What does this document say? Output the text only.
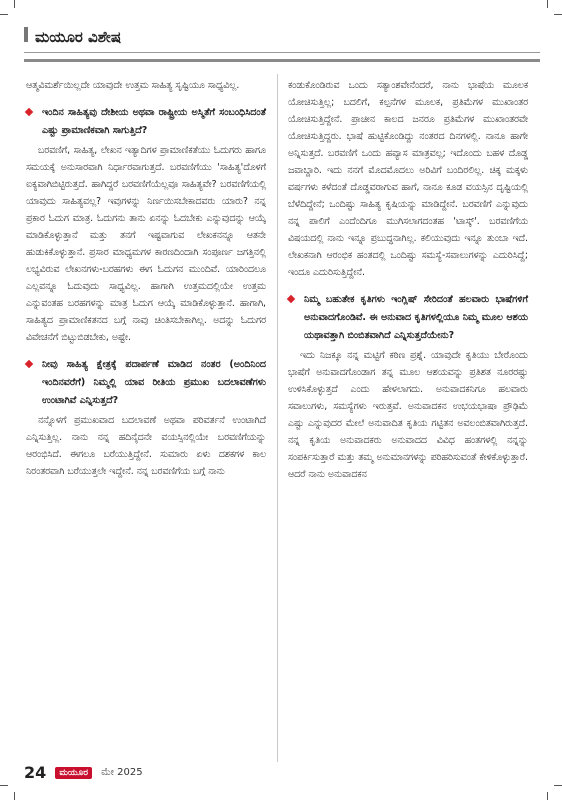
ಮಯೂರ ವಿಶೇಷ

ಆತ್ಮವಿಮರ್ಶೆಯಿಲ್ಲದೇ ಯಾವುದೇ ಉತ್ತಮ ಸಾಹಿತ್ಯ ಸೃಷ್ಟಿಯೂ ಸಾಧ್ಯವಿಲ್ಲ.

ಇಂದಿನ ಸಾಹಿತ್ಯವು ದೇಶೀಯ ಅಥವಾ ರಾಷ್ಟ್ರೀಯ ಅಸ್ಮಿತೆಗೆ ಸಂಬಂಧಿಸಿದಂತೆ ಎಷ್ಟು ಪ್ರಾಮಾಣಿಕವಾಗಿ ಸಾಗುತ್ತಿದೆ?

ಬರವಣಿಗೆ, ಸಾಹಿತ್ಯ, ಲೇಖನ ಇತ್ಯಾದಿಗಳ ಪ್ರಾಮಾಣಿಕತೆಯು ಓದುಗರು ಹಾಗೂ ಸಮಯಕ್ಕೆ ಅನುಸಾರವಾಗಿ ನಿರ್ಧಾರವಾಗುತ್ತದೆ. ಬರವಣಿಗೆಯು 'ಸಾಹಿತ್ಯ'ದೊಳಗೆ ಐಕ್ಯವಾಗಿಬಿಟ್ಟಿರುತ್ತದೆ. ಹಾಗಿದ್ದರೆ ಬರವಣಿಗೆಯೆಲ್ಲವೂ ಸಾಹಿತ್ಯವೇ? ಬರವಣಿಗೆಯಲ್ಲಿ ಯಾವುದು ಸಾಹಿತ್ಯವಲ್ಲ? ಇವುಗಳನ್ನು ನಿರ್ಣಯಿಸಬೇಕಾದವರು ಯಾರು? ನನ್ನ ಪ್ರಕಾರ ಓದುಗ ಮಾತ್ರ. ಓದುಗನು ತಾನು ಏನನ್ನು ಓದಬೇಕು ಎನ್ನುವುದನ್ನು ಆಯ್ಕೆ ಮಾಡಿಕೊಳ್ಳುತ್ತಾನೆ ಮತ್ತು ತನಗೆ ಇಷ್ಟವಾಗುವ ಲೇಖಕನನ್ನೂ ಆತನೇ ಹುಡುಕಿಕೊಳ್ಳುತ್ತಾನೆ. ಪ್ರಸಾರ ಮಾಧ್ಯಮಗಳ ಕಾರಣದಿಂದಾಗಿ ಸಂಪೂರ್ಣ ಜಗತ್ತಿನಲ್ಲಿ ಲಭ್ಯವಿರುವ ಲೇಖನಗಳು-ಬರಹಗಳು ಈಗ ಓದುಗನ ಮುಂದಿವೆ. ಯಾರಿಂದಲೂ ಎಲ್ಲವನ್ನೂ ಓದುವುದು ಸಾಧ್ಯವಿಲ್ಲ. ಹಾಗಾಗಿ ಉತ್ತಮದಲ್ಲಿಯೇ ಉತ್ತಮ ಎನ್ನುವಂತಹ ಬರಹಗಳನ್ನು ಮಾತ್ರ ಓದುಗ ಆಯ್ಕೆ ಮಾಡಿಕೊಳ್ಳುತ್ತಾನೆ. ಹಾಗಾಗಿ, ಸಾಹಿತ್ಯದ ಪ್ರಾಮಾಣಿಕತನದ ಬಗ್ಗೆ ನಾವು ಚಿಂತಿಸಬೇಕಾಗಿಲ್ಲ. ಅದನ್ನು ಓದುಗರ ವಿವೇಚನೆಗೆ ಬಿಟ್ಟುಬಿಡಬೇಕು, ಅಷ್ಟೇ.

ನೀವು ಸಾಹಿತ್ಯ ಕ್ಷೇತ್ರಕ್ಕೆ ಪದಾರ್ಪಣೆ ಮಾಡಿದ ನಂತರ (ಅಂದಿನಿಂದ ಇಂದಿನವರೆಗೆ) ನಿಮ್ಮಲ್ಲಿ ಯಾವ ರೀತಿಯ ಪ್ರಮುಖ ಬದಲಾವಣೆಗಳು ಉಂಟಾಗಿವೆ ಎನ್ನಿಸುತ್ತದೆ?

ನನ್ನೊಳಗೆ ಪ್ರಮುಖವಾದ ಬದಲಾವಣೆ ಅಥವಾ ಪರಿವರ್ತನೆ ಉಂಟಾಗಿದೆ ಎನ್ನಿಸುತ್ತಿಲ್ಲ. ನಾನು ನನ್ನ ಹದಿನೈದನೇ ವಯಸ್ಸಿನಲ್ಲಿಯೇ ಬರವಣಿಗೆಯನ್ನು ಆರಂಭಿಸಿದೆ. ಈಗಲೂ ಬರೆಯುತ್ತಿದ್ದೇನೆ. ಸುಮಾರು ಏಳು ದಶಕಗಳ ಕಾಲ ನಿರಂತರವಾಗಿ ಬರೆಯುತ್ತಲೇ ಇದ್ದೇನೆ. ನನ್ನ ಬರವಣಿಗೆಯ ಬಗ್ಗೆ ನಾನು

ಕಂಡುಕೊಂಡಿರುವ ಒಂದು ಸತ್ಯಾಂಶವೇನೆಂದರೆ, ನಾನು ಭಾಷೆಯ ಮೂಲಕ ಯೋಚಿಸುತ್ತಿಲ್ಲ; ಬದಲಿಗೆ, ಕಲ್ಪನೆಗಳ ಮೂಲಕ, ಪ್ರತಿಮೆಗಳ ಮುಖಾಂತರ ಯೋಚಿಸುತ್ತಿದ್ದೇನೆ. ಪ್ರಾಚೀನ ಕಾಲದ ಜನರೂ ಪ್ರತಿಮೆಗಳ ಮುಖಾಂತರವೇ ಯೋಚಿಸುತ್ತಿದ್ದರು. ಭಾಷೆ ಹುಟ್ಟಿಕೊಂಡಿದ್ದು ನಂತರದ ದಿನಗಳಲ್ಲಿ. ನಾನೂ ಹಾಗೇ ಅನ್ನಿಸುತ್ತದೆ. ಬರವಣಿಗೆ ಒಂದು ಹವ್ಯಾಸ ಮಾತ್ರವಲ್ಲ; ಇದೊಂದು ಬಹಳ ದೊಡ್ಡ ಜವಾಬ್ದಾರಿ. ಇದು ನನಗೆ ಮೊದಮೊದಲು ಅರಿವಿಗೆ ಬಂದಿರಲಿಲ್ಲ. ಚಿಕ್ಕ ಮಕ್ಕಳು ವರ್ಷಗಳು ಕಳೆದಂತೆ ದೊಡ್ಡವರಾಗುವ ಹಾಗೆ, ನಾನೂ ಕೂಡ ವಯಸ್ಸಿನ ದೃಷ್ಟಿಯಲ್ಲಿ ಬೆಳೆದಿದ್ದೇನೆ; ಒಂದಿಷ್ಟು ಸಾಹಿತ್ಯ ಕೃಷಿಯನ್ನು ಮಾಡಿದ್ದೇನೆ. ಬರವಣಿಗೆ ಎನ್ನುವುದು ನನ್ನ ಪಾಲಿಗೆ ಎಂದೆಂದಿಗೂ ಮುಗಿಸಲಾಗದಂತಹ 'ಟಾಸ್ಕ್'. ಬರವಣಿಗೆಯ ವಿಷಯದಲ್ಲಿ ನಾನು ಇನ್ನೂ ಪ್ರಬುದ್ಧನಾಗಿಲ್ಲ. ಕಲಿಯುವುದು ಇನ್ನೂ ತುಂಬಾ ಇದೆ. ಲೇಖಕನಾಗಿ ಆರಂಭಿಕ ಹಂತದಲ್ಲಿ ಒಂದಿಷ್ಟು ಸಮಸ್ಯೆ-ಸವಾಲುಗಳನ್ನು ಎದುರಿಸಿದ್ದೆ; ಇಂದೂ ಎದುರಿಸುತ್ತಿದ್ದೇನೆ.

ನಿಮ್ಮ ಬಹುತೇಕ ಕೃತಿಗಳು ಇಂಗ್ಲಿಷ್ ಸೇರಿದಂತೆ ಹಲವಾರು ಭಾಷೆಗಳಿಗೆ ಅನುವಾದಗೊಂಡಿವೆ. ಈ ಅನುವಾದ ಕೃತಿಗಳಲ್ಲಿಯೂ ನಿಮ್ಮ ಮೂಲ ಆಶಯ ಯಥಾವತ್ತಾಗಿ ಬಿಂಬಿತವಾಗಿದೆ ಎನ್ನಿಸುತ್ತದೆಯೇನು?

ಇದು ನಿಜಕ್ಕೂ ನನ್ನ ಮಟ್ಟಿಗೆ ಕಠಿಣ ಪ್ರಶ್ನೆ. ಯಾವುದೇ ಕೃತಿಯು ಬೇರೊಂದು ಭಾಷೆಗೆ ಅನುವಾದಗೊಂಡಾಗ ತನ್ನ ಮೂಲ ಆಶಯವನ್ನು ಪ್ರತಿಶತ ನೂರರಷ್ಟು ಉಳಿಸಿಕೊಳ್ಳುತ್ತದೆ ಎಂದು ಹೇಳಲಾಗದು. ಅನುವಾದಕನಿಗೂ ಹಲವಾರು ಸವಾಲುಗಳು, ಸಮಸ್ಯೆಗಳು ಇರುತ್ತವೆ. ಅನುವಾದಕನ ಉಭಯಭಾಷಾ ಪ್ರೌಢಿಮೆ ಎಷ್ಟು ಎನ್ನುವುದರ ಮೇಲೆ ಅನುವಾದಿತ ಕೃತಿಯ ಗಟ್ಟಿತನ ಅವಲಂಬಿತವಾಗಿರುತ್ತದೆ. ನನ್ನ ಕೃತಿಯ ಅನುವಾದಕರು ಅನುವಾದದ ವಿವಿಧ ಹಂತಗಳಲ್ಲಿ ನನ್ನನ್ನು ಸಂಪರ್ಕಿಸುತ್ತಾರೆ ಮತ್ತು ತಮ್ಮ ಅನುಮಾನಗಳನ್ನು ಪರಿಹರಿಸುವಂತೆ ಕೇಳಿಕೊಳ್ಳುತ್ತಾರೆ. ಆದರೆ ನಾನು ಅನುವಾದಕನ

24 ಮಯೂರ ಮೇ 2025
